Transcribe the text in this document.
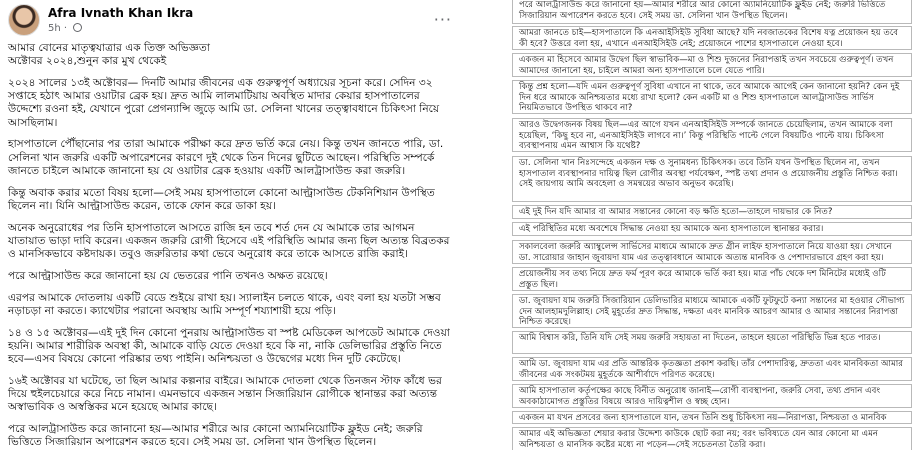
Afra Ivnath Khan Ikra
5h ·	···

আমার বোনের মাতৃত্বযাত্রার এক তিক্ত অভিজ্ঞতা
অক্টোবর ২০২৪,শুনুন কার মুখ থেকেই

২০২৪ সালের ১৩ই অক্টোবর— দিনটি আমার জীবনের এক গুরুত্বপূর্ণ অধ্যায়ের সূচনা করে। সেদিন ৩২ সপ্তাহে হঠাৎ আমার ওয়াটার ব্রেক হয়। দ্রুত আমি লালমাটিয়ায় অবস্থিত মাদার কেয়ার হাসপাতালের উদ্দেশ্যে রওনা হই, যেখানে পুরো প্রেগন্যান্সি জুড়ে আমি ডা. সেলিনা খানের তত্ত্বাবধানে চিকিৎসা নিয়ে আসছিলাম।

হাসপাতালে পৌঁছানোর পর তারা আমাকে পরীক্ষা করে দ্রুত ভর্তি করে নেয়। কিন্তু তখন জানতে পারি, ডা. সেলিনা খান জরুরি একটি অপারেশনের কারণে দুই থেকে তিন দিনের ছুটিতে আছেন। পরিস্থিতি সম্পর্কে জানতে চাইলে আমাকে জানানো হয় যে ওয়াটার ব্রেক হওয়ায় একটি আলট্রাসাউন্ড করা জরুরি।

কিন্তু অবাক করার মতো বিষয় হলো—সেই সময় হাসপাতালে কোনো আল্ট্রাসাউন্ড টেকনিশিয়ান উপস্থিত ছিলেন না। যিনি আল্ট্রাসাউন্ড করেন, তাকে ফোন করে ডাকা হয়।

অনেক অনুরোধের পর তিনি হাসপাতালে আসতে রাজি হন তবে শর্ত দেন যে আমাকে তার আগমন যাতায়াত ভাড়া দাবি করেন। একজন জরুরি রোগী হিসেবে এই পরিস্থিতি আমার জন্য ছিল অত্যন্ত বিব্রতকর ও মানসিকভাবে কষ্টদায়ক। তবুও জরুরিতার কথা ভেবে অনুরোধ করে তাকে আসতে রাজি করাই।

পরে আল্ট্রাসাউন্ড করে জানানো হয় যে ভেতরের পানি তখনও অক্ষত রয়েছে।

এরপর আমাকে দোতলায় একটি বেডে শুইয়ে রাখা হয়। স্যালাইন চলতে থাকে, এবং বলা হয় যতটা সম্ভব নড়াচড়া না করতে। ক্যাথেটার পরানো অবস্থায় আমি সম্পূর্ণ শয্যাশায়ী হয়ে পড়ি।

১৪ ও ১৫ অক্টোবর—এই দুই দিন কোনো পুনরায় আল্ট্রাসাউন্ড বা স্পষ্ট মেডিকেল আপডেট আমাকে দেওয়া হয়নি। আমার শারীরিক অবস্থা কী, আমাকে বাড়ি যেতে দেওয়া হবে কি না, নাকি ডেলিভারির প্রস্তুতি নিতে হবে—এসব বিষয়ে কোনো পরিষ্কার তথ্য পাইনি। অনিশ্চয়তা ও উদ্বেগের মধ্যে দিন দুটি কেটেছে।

১৬ই অক্টোবর যা ঘটেছে, তা ছিল আমার কল্পনার বাইরে। আমাকে দোতলা থেকে তিনজন স্টাফ কাঁধে ভর দিয়ে হুইলচেয়ারে করে নিচে নামান। এমনভাবে একজন সন্তান সিজারিয়ান রোগীকে স্থানান্তর করা অত্যন্ত অস্বাভাবিক ও অস্বস্তিকর মনে হয়েছে আমার কাছে।

পরে আলট্রাসাউন্ড করে জানানো হয়—আমার শরীরে আর কোনো অ্যামনিয়োটিক ফ্লুইড নেই; জরুরি ভিত্তিতে সিজারিয়ান অপারেশন করতে হবে। সেই সময় ডা. সেলিনা খান উপস্থিত ছিলেন।

পরে আলট্রাসাউন্ড করে জানানো হয়—আমার শরীরে আর কোনো অ্যামনিয়োটিক ফ্লুইড নেই; জরুরি ভিত্তিতে সিজারিয়ান অপারেশন করতে হবে। সেই সময় ডা. সেলিনা খান উপস্থিত ছিলেন।
আমরা জানতে চাই—হাসপাতালে কি এনআইসিইউ সুবিধা আছে? যদি নবজাতকের বিশেষ যত্ন প্রয়োজন হয় তবে কী হবে? উত্তরে বলা হয়, এখানে এনআইসিইউ নেই; প্রয়োজনে পাশের হাসপাতালে নেওয়া হবে।
একজন মা হিসেবে আমার উদ্বেগ ছিল স্বাভাবিক—মা ও শিশু দুজনের নিরাপত্তাই তখন সবচেয়ে গুরুত্বপূর্ণ। তখন আমাদের জানানো হয়, চাইলে আমরা অন্য হাসপাতালে চলে যেতে পারি।
কিন্তু প্রশ্ন হলো—যদি এমন গুরুত্বপূর্ণ সুবিধা এখানে না থাকে, তবে আমাকে আগেই কেন জানানো হয়নি? কেন দুই দিন ধরে আমাকে অনিশ্চয়তার মধ্যে রাখা হলো? কেন একটি মা ও শিশু হাসপাতালে আলট্রাসাউন্ড সার্ভিস নিয়মিতভাবে উপস্থিত থাকবে না?
আরও উদ্বেগজনক বিষয় ছিল—এর আগে যখন এনআইসিইউ সম্পর্কে জানতে চেয়েছিলাম, তখন আমাকে বলা হয়েছিল, ‘কিছু হবে না, এনআইসিইউ লাগবে না।’ কিন্তু পরিস্থিতি পাল্টে গেলে বিষয়টিও পাল্টে যায়। চিকিৎসা ব্যবস্থাপনায় এমন আশ্বাস কি যথেষ্ট?
ডা. সেলিনা খান নিঃসন্দেহে একজন দক্ষ ও সুনামধন্য চিকিৎসক। তবে তিনি যখন উপস্থিত ছিলেন না, তখন হাসপাতাল ব্যবস্থাপনার দায়িত্ব ছিল রোগীর অবস্থা পর্যবেক্ষণ, স্পষ্ট তথ্য প্রদান ও প্রয়োজনীয় প্রস্তুতি নিশ্চিত করা। সেই জায়গায় আমি অবহেলা ও সমন্বয়ের অভাব অনুভব করেছি।
এই দুই দিন যদি আমার বা আমার সন্তানের কোনো বড় ক্ষতি হতো—তাহলে দায়ভার কে নিত?
এই পরিস্থিতির মধ্যে অবশেষে সিদ্ধান্ত নেওয়া হয় আমাকে অন্য হাসপাতালে স্থানান্তর করার।
সকালবেলা জরুরি অ্যাম্বুলেন্স সার্ভিসের মাধ্যমে আমাকে দ্রুত গ্রীন লাইফ হাসপাতালে নিয়ে যাওয়া হয়। সেখানে ডা. সারোয়ার জাহান জুবায়দা যাম এর তত্ত্বাবধানে আমাকে অত্যন্ত মানবিক ও পেশাদারভাবে গ্রহণ করা হয়।
প্রয়োজনীয় সব তথ্য নিয়ে দ্রুত ফর্ম পূরণ করে আমাকে ভর্তি করা হয়। মাত্র পাঁচ থেকে দশ মিনিটের মধ্যেই ওটি প্রস্তুত ছিল।
ডা. জুবায়দা যাম জরুরি সিজারিয়ান ডেলিভারির মাধ্যমে আমাকে একটি ফুটফুটে কন্যা সন্তানের মা হওয়ার সৌভাগ্য দেন আলহামদুলিল্লাহ। সেই মুহূর্তের দ্রুত সিদ্ধান্ত, দক্ষতা এবং মানবিক আচরণ আমার ও আমার সন্তানের নিরাপত্তা নিশ্চিত করেছে।
আমি বিশ্বাস করি, তিনি যদি সেই সময় জরুরি সহায়তা না দিতেন, তাহলে হয়তো পরিস্থিতি ভিন্ন হতে পারত।
আমি ডা. জুবায়দা যাম এর প্রতি আন্তরিক কৃতজ্ঞতা প্রকাশ করছি। তাঁর পেশাদারিত্ব, দ্রুততা এবং মানবিকতা আমার জীবনের এক সংকটময় মুহূর্তকে আশীর্বাদে পরিণত করেছে।
আমি হাসপাতাল কর্তৃপক্ষের কাছে বিনীত অনুরোধ জানাই—রোগী ব্যবস্থাপনা, জরুরি সেবা, তথ্য প্রদান এবং অবকাঠামোগত প্রস্তুতির বিষয়ে আরও দায়িত্বশীল ও স্বচ্ছ হোন।
একজন মা যখন প্রসবের জন্য হাসপাতালে যান, তখন তিনি শুধু চিকিৎসা নয়—নিরাপত্তা, নিশ্চয়তা ও মানবিক
আমার এই অভিজ্ঞতা শেয়ার করার উদ্দেশ্য কাউকে ছোট করা নয়; বরং ভবিষ্যতে যেন আর কোনো মা এমন অনিশ্চয়তা ও মানসিক কষ্টের মধ্যে না পড়েন—সেই সচেতনতা তৈরি করা।
